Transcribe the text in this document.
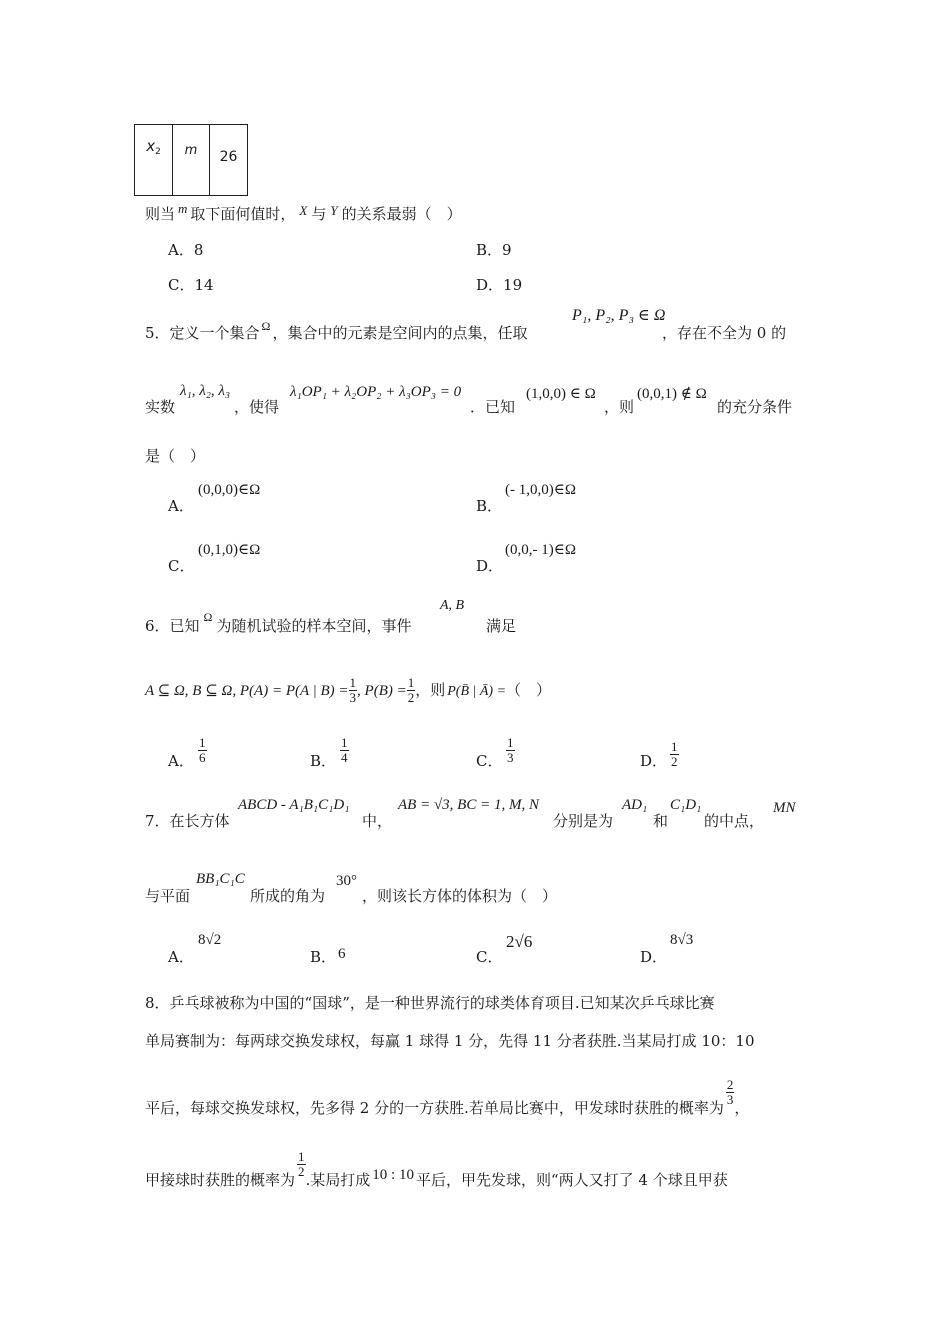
$x_2$	m	26
则当 m 取下面何值时， X 与 Y 的关系最弱（　）
A．8	B．9
C．14	D．19
5．定义一个集合 $^\Omega$ ，集合中的元素是空间内的点集，任取
P₁, P₂, P₃ ∈ Ω
，存在不全为 0 的
实数
λ₁, λ₂, λ₃
，使得
λ₁OP₁ + λ₂OP₂ + λ₃OP₃ = 0
．已知
(1,0,0) ∈ Ω
，则
(0,0,1) ∉ Ω
的充分条件
是（　）
A．
(0,0,0)∈Ω
B．
(- 1,0,0)∈Ω
C．
(0,1,0)∈Ω
D．
(0,0,- 1)∈Ω
6．已知 $^\Omega$ 为随机试验的样本空间，事件
A, B
满足
A ⊆ Ω, B ⊆ Ω, P(A) = P(A | $B) = \frac{1}{3}$ , $P(B) = \frac{1}{2}$ ，则 P(B̄ | Ā) =（　）
A． $\frac{1}{6}$	B． $\frac{1}{4}$	C． $\frac{1}{3}$	D． $\frac{1}{2}$
7．在长方体
ABCD - A₁B₁C₁D₁
中，
AB = √3, BC = 1, M, N
分别是为
AD₁
和
C₁D₁
的中点，
MN
与平面
BB₁C₁C
所成的角为
30°
，则该长方体的体积为（　）
A．
8√2
B． 6	C．
2√6
D．
8√3
8．乒乓球被称为中国的“国球”，是一种世界流行的球类体育项目.已知某次乒乓球比赛
单局赛制为：每两球交换发球权，每赢 1 球得 1 分，先得 11 分者获胜.当某局打成 10：10
平后，每球交换发球权，先多得 2 分的一方获胜.若单局比赛中，甲发球时获胜的概率为
$\frac{2}{3}$
，
甲接球时获胜的概率为
$\frac{1}{2}$
.某局打成 10 : 10 平后，甲先发球，则“两人又打了 4 个球且甲获
